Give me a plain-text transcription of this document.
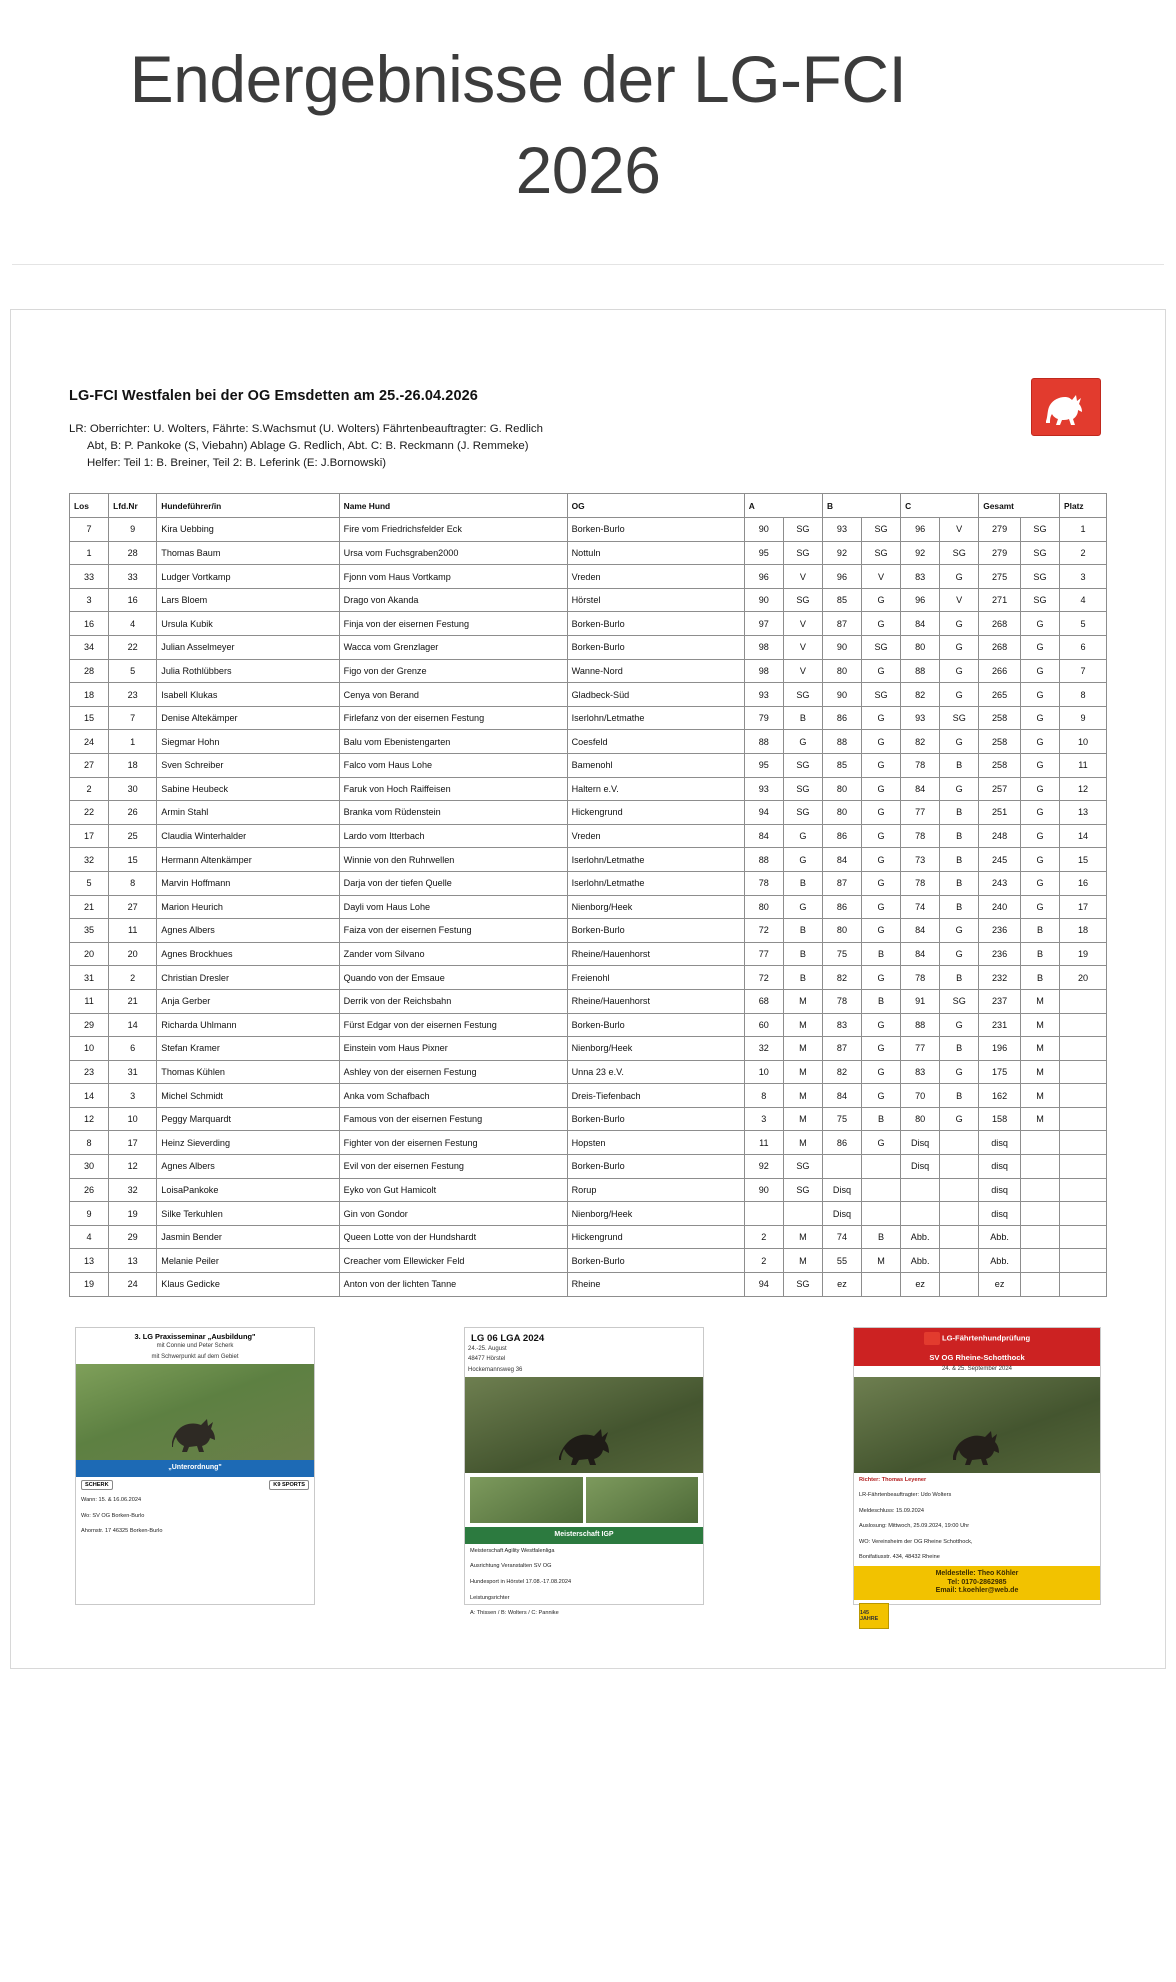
Endergebnisse der LG-FCI
2026
LG-FCI Westfalen bei der OG Emsdetten am 25.-26.04.2026
LR: Oberrichter: U. Wolters, Fährte: S.Wachsmut (U. Wolters) Fährtenbeauftragter: G. Redlich
Abt, B: P. Pankoke (S, Viebahn) Ablage G. Redlich, Abt. C: B. Reckmann (J. Remmeke)
Helfer: Teil 1: B. Breiner, Teil 2: B. Leferink (E: J.Bornowski)
Los	Lfd.Nr	Hundeführer/in	Name Hund	OG	A		B		C		Gesamt		Platz
7	9	Kira Uebbing	Fire vom Friedrichsfelder Eck	Borken-Burlo	90	SG	93	SG	96	V	279	SG	1
1	28	Thomas Baum	Ursa vom Fuchsgraben2000	Nottuln	95	SG	92	SG	92	SG	279	SG	2
33	33	Ludger Vortkamp	Fjonn vom Haus Vortkamp	Vreden	96	V	96	V	83	G	275	SG	3
3	16	Lars Bloem	Drago von Akanda	Hörstel	90	SG	85	G	96	V	271	SG	4
16	4	Ursula Kubik	Finja von der eisernen Festung	Borken-Burlo	97	V	87	G	84	G	268	G	5
34	22	Julian Asselmeyer	Wacca vom Grenzlager	Borken-Burlo	98	V	90	SG	80	G	268	G	6
28	5	Julia Rothlübbers	Figo von der Grenze	Wanne-Nord	98	V	80	G	88	G	266	G	7
18	23	Isabell Klukas	Cenya von Berand	Gladbeck-Süd	93	SG	90	SG	82	G	265	G	8
15	7	Denise Altekämper	Firlefanz von der eisernen Festung	Iserlohn/Letmathe	79	B	86	G	93	SG	258	G	9
24	1	Siegmar Hohn	Balu vom Ebenistengarten	Coesfeld	88	G	88	G	82	G	258	G	10
27	18	Sven Schreiber	Falco vom Haus Lohe	Bamenohl	95	SG	85	G	78	B	258	G	11
2	30	Sabine Heubeck	Faruk von Hoch Raiffeisen	Haltern e.V.	93	SG	80	G	84	G	257	G	12
22	26	Armin Stahl	Branka vom Rüdenstein	Hickengrund	94	SG	80	G	77	B	251	G	13
17	25	Claudia Winterhalder	Lardo vom Itterbach	Vreden	84	G	86	G	78	B	248	G	14
32	15	Hermann Altenkämper	Winnie von den Ruhrwellen	Iserlohn/Letmathe	88	G	84	G	73	B	245	G	15
5	8	Marvin Hoffmann	Darja von der tiefen Quelle	Iserlohn/Letmathe	78	B	87	G	78	B	243	G	16
21	27	Marion Heurich	Dayli vom Haus Lohe	Nienborg/Heek	80	G	86	G	74	B	240	G	17
35	11	Agnes Albers	Faiza von der eisernen Festung	Borken-Burlo	72	B	80	G	84	G	236	B	18
20	20	Agnes Brockhues	Zander vom Silvano	Rheine/Hauenhorst	77	B	75	B	84	G	236	B	19
31	2	Christian Dresler	Quando von der Emsaue	Freienohl	72	B	82	G	78	B	232	B	20
11	21	Anja Gerber	Derrik von der Reichsbahn	Rheine/Hauenhorst	68	M	78	B	91	SG	237	M	
29	14	Richarda Uhlmann	Fürst Edgar von der eisernen Festung	Borken-Burlo	60	M	83	G	88	G	231	M	
10	6	Stefan Kramer	Einstein vom Haus Pixner	Nienborg/Heek	32	M	87	G	77	B	196	M	
23	31	Thomas Kühlen	Ashley von der eisernen Festung	Unna 23 e.V.	10	M	82	G	83	G	175	M	
14	3	Michel Schmidt	Anka vom Schafbach	Dreis-Tiefenbach	8	M	84	G	70	B	162	M	
12	10	Peggy Marquardt	Famous von der eisernen Festung	Borken-Burlo	3	M	75	B	80	G	158	M	
8	17	Heinz Sieverding	Fighter von der eisernen Festung	Hopsten	11	M	86	G	Disq		disq		
30	12	Agnes Albers	Evil von der eisernen Festung	Borken-Burlo	92	SG			Disq		disq		
26	32	LoisaPankoke	Eyko von Gut Hamicolt	Rorup	90	SG	Disq				disq		
9	19	Silke Terkuhlen	Gin von Gondor	Nienborg/Heek			Disq				disq		
4	29	Jasmin Bender	Queen Lotte von der Hundshardt	Hickengrund	2	M	74	B	Abb.		Abb.		
13	13	Melanie Peiler	Creacher vom Ellewicker Feld	Borken-Burlo	2	M	55	M	Abb.		Abb.		
19	24	Klaus Gedicke	Anton von der lichten Tanne	Rheine	94	SG	ez		ez		ez		
3. LG Praxisseminar „Ausbildung"
mit Connie und Peter Scherk
mit Schwerpunkt auf dem Gebiet
„Unterordnung"
SCHERK	K9 SPORTS
Wann: 15. & 16.06.2024
Wo: SV OG Borken-Burlo
Ahornstr. 17 46325 Borken-Burlo
LG 06 LGA 2024
24.-25. August
48477 Hörstel
Hockemannsweg 36
Meisterschaft IGP
Meisterschaft Agility Westfalenliga
Ausrichtung Veranstalten SV OG
Hundesport in Hörstel 17.08.-17.08.2024
Leistungsrichter
A: Thissen / B: Wolters / C: Pannike
LG-Fährtenhundprüfung
SV OG Rheine-Schotthock
24. & 25. September 2024
Richter: Thomas Leyener
LR-Fährtenbeauftragter: Udo Wolters
Meldeschluss: 15.09.2024
Auslosung: Mittwoch, 25.09.2024, 19:00 Uhr
WO: Vereinsheim der OG Rheine Schotthock,
Bonifatiusstr. 434, 48432 Rheine
Meldestelle: Theo Köhler
Tel: 0170-2862985
Email: t.koehler@web.de
145 JAHRE
